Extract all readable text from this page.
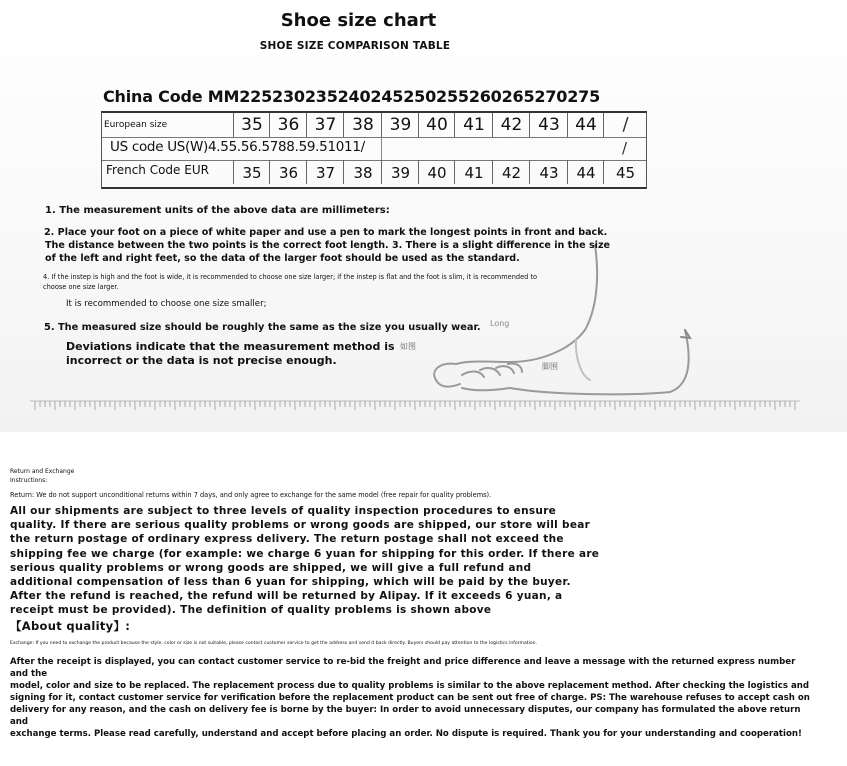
Shoe size chart
SHOE SIZE COMPARISON TABLE
China Code MM225230235240245250255260265270275
European size	35 36 37 38 39 40 41 42 43 44	/
US code US(W)4.55.56.5788.59.51011/	/
French Code EUR	35	36	37	38	39	40	41	42	43	44	45
Long
如图
脚围
1. The measurement units of the above data are millimeters:
2. Place your foot on a piece of white paper and use a pen to mark the longest points in front and back.
The distance between the two points is the correct foot length. 3. There is a slight difference in the size
of the left and right feet, so the data of the larger foot should be used as the standard.
4. If the instep is high and the foot is wide, it is recommended to choose one size larger; if the instep is flat and the foot is slim, it is recommended to
choose one size larger.
It is recommended to choose one size smaller;
5. The measured size should be roughly the same as the size you usually wear.
Deviations indicate that the measurement method is
incorrect or the data is not precise enough.
Return and Exchange
Instructions:
Return: We do not support unconditional returns within 7 days, and only agree to exchange for the same model (free repair for quality problems).
All our shipments are subject to three levels of quality inspection procedures to ensure
quality. If there are serious quality problems or wrong goods are shipped, our store will bear
the return postage of ordinary express delivery. The return postage shall not exceed the
shipping fee we charge (for example: we charge 6 yuan for shipping for this order. If there are
serious quality problems or wrong goods are shipped, we will give a full refund and
additional compensation of less than 6 yuan for shipping, which will be paid by the buyer.
After the refund is reached, the refund will be returned by Alipay. If it exceeds 6 yuan, a
receipt must be provided). The definition of quality problems is shown above
【About quality】:
Exchange: If you need to exchange the product because the style, color or size is not suitable, please contact customer service to get the address and send it back directly. Buyers should pay attention to the logistics information.
After the receipt is displayed, you can contact customer service to re-bid the freight and price difference and leave a message with the returned express number and the
model, color and size to be replaced. The replacement process due to quality problems is similar to the above replacement method. After checking the logistics and
signing for it, contact customer service for verification before the replacement product can be sent out free of charge. PS: The warehouse refuses to accept cash on
delivery for any reason, and the cash on delivery fee is borne by the buyer: In order to avoid unnecessary disputes, our company has formulated the above return and
exchange terms. Please read carefully, understand and accept before placing an order. No dispute is required. Thank you for your understanding and cooperation!
